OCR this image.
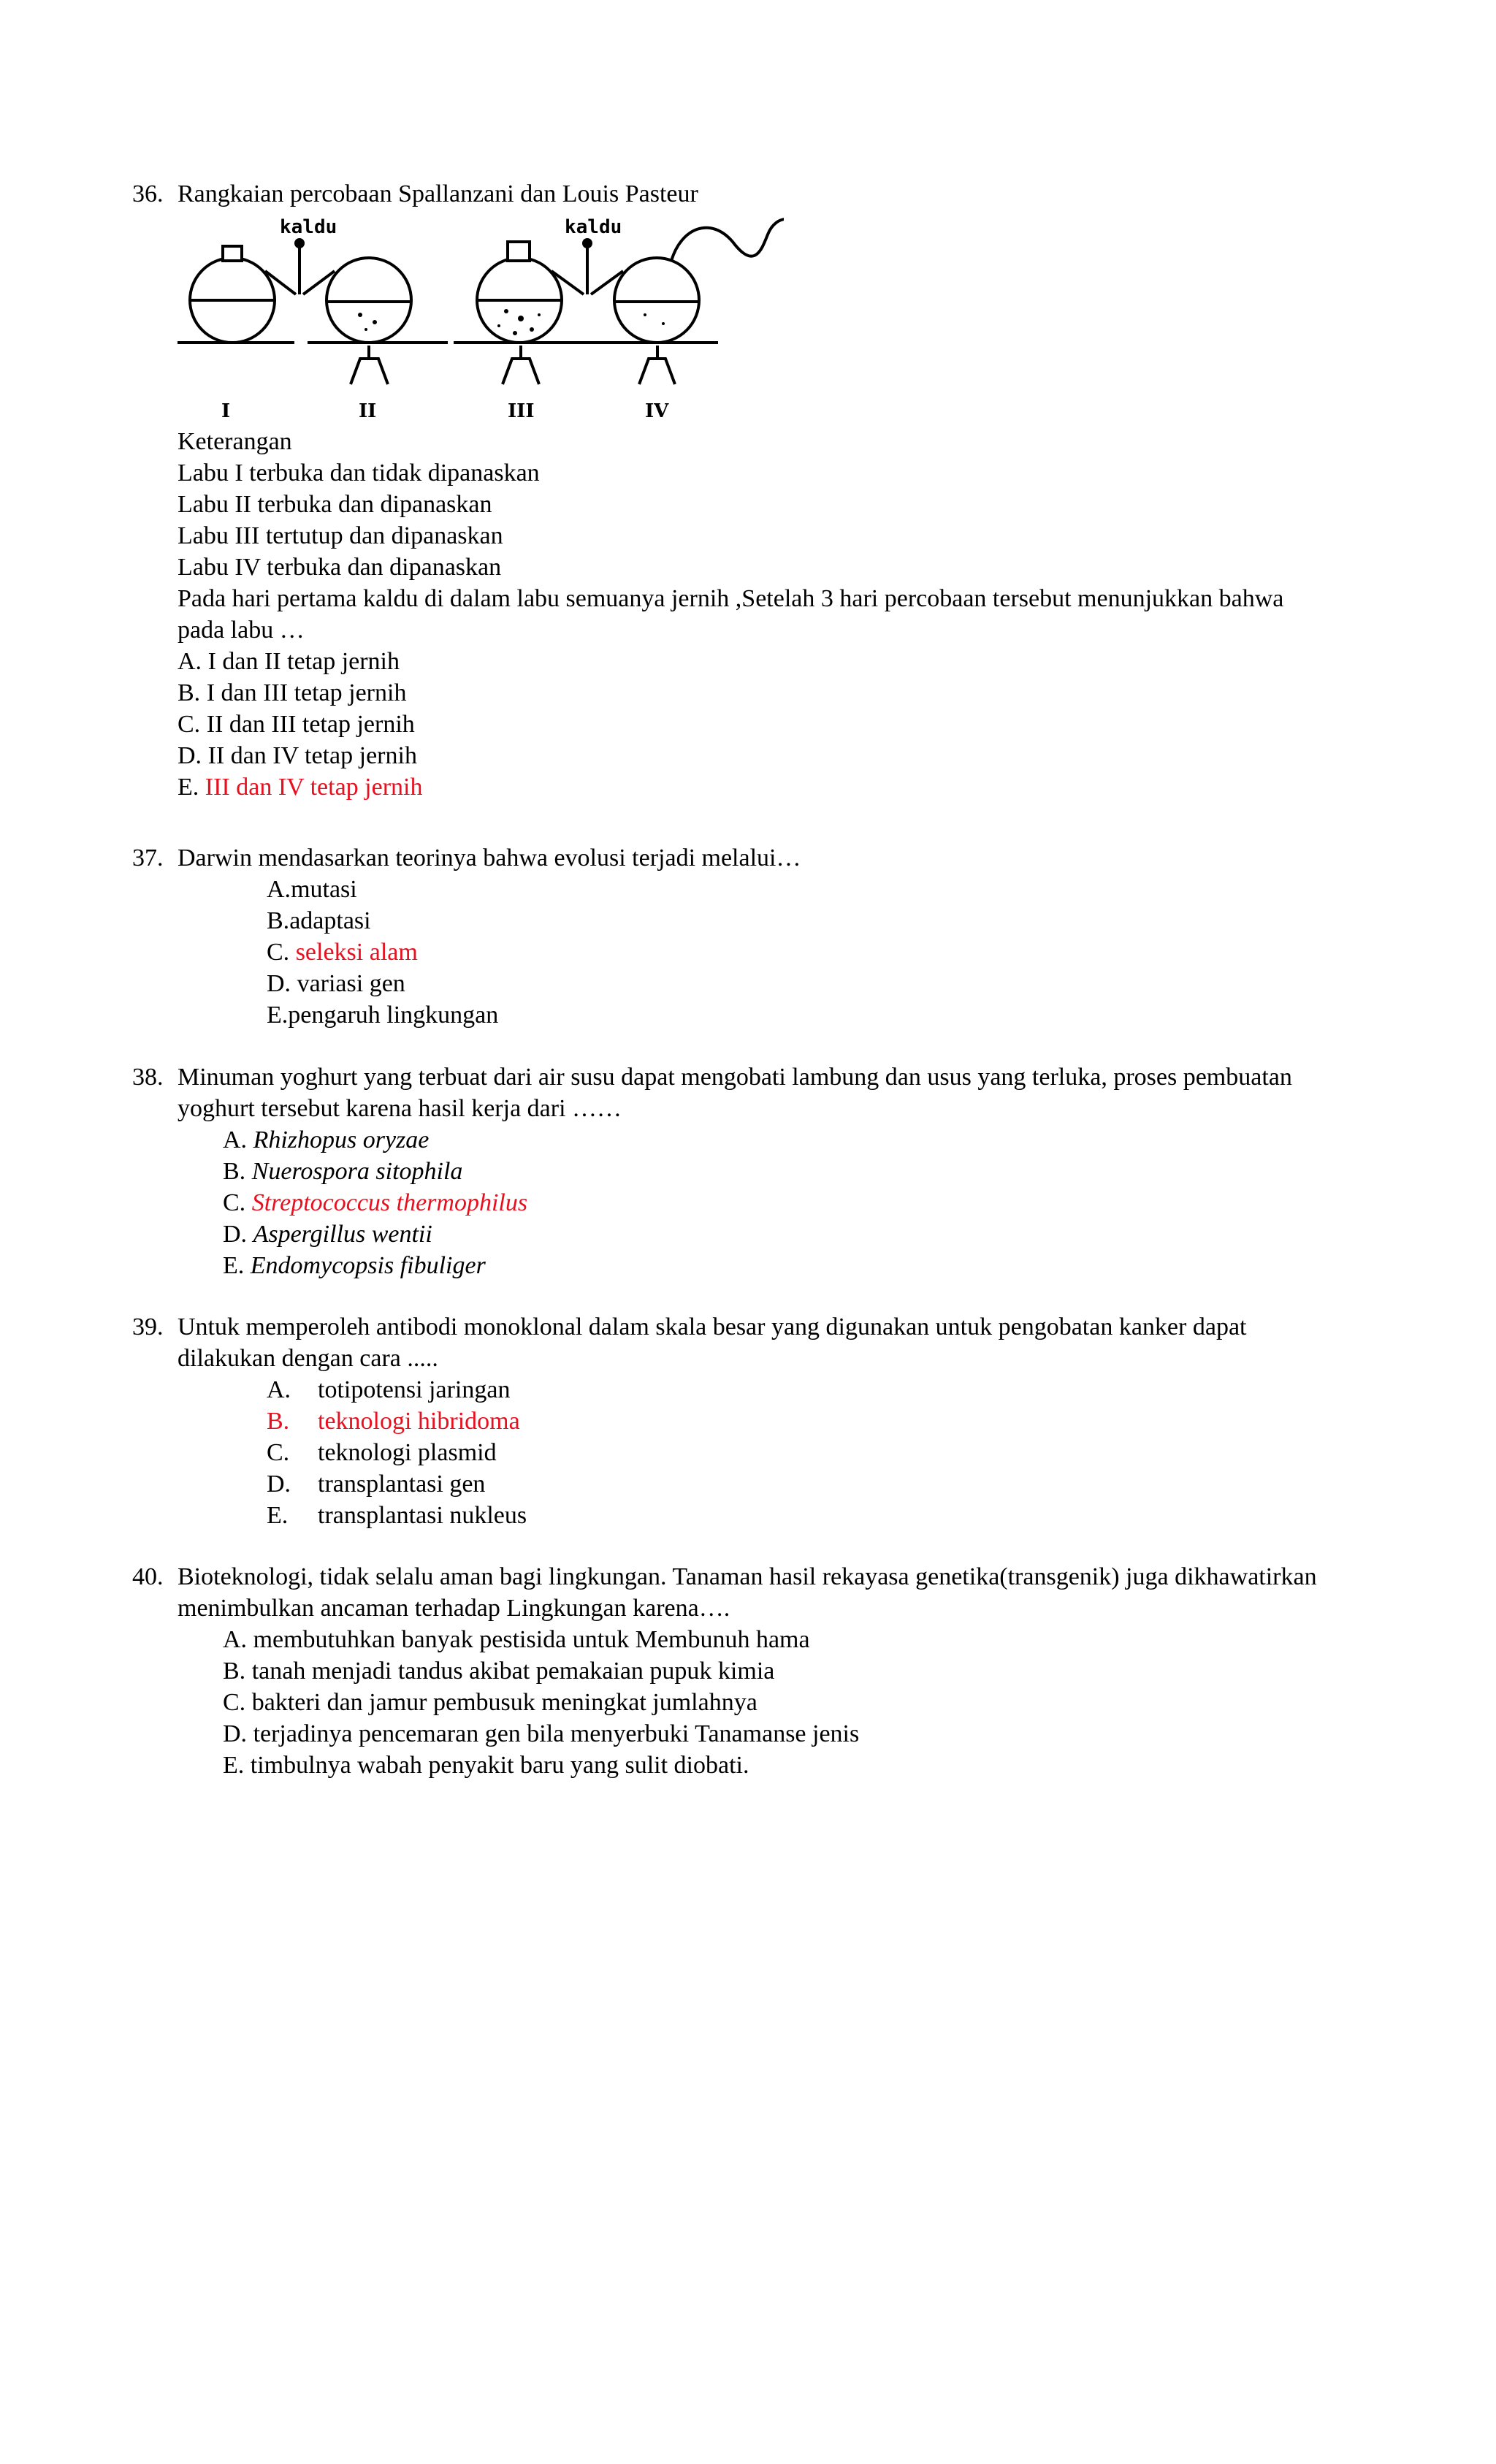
36. Rangkaian percobaan Spallanzani dan Louis Pasteur
kaldu	kaldu
I	II	III	IV
Keterangan
Labu I terbuka dan tidak dipanaskan
Labu II terbuka dan dipanaskan
Labu III tertutup dan dipanaskan
Labu IV terbuka dan dipanaskan
Pada hari pertama kaldu di dalam labu semuanya jernih ,Setelah 3 hari percobaan tersebut menunjukkan bahwa pada labu …
A. I dan II tetap jernih
B. I dan III tetap jernih
C. II dan III tetap jernih
D. II dan IV tetap jernih
E. III dan IV tetap jernih
37. Darwin mendasarkan teorinya bahwa evolusi terjadi melalui…
A.mutasi
B.adaptasi
C. seleksi alam
D. variasi gen
E.pengaruh lingkungan
38. Minuman yoghurt yang terbuat dari air susu dapat mengobati lambung dan usus yang terluka, proses pembuatan yoghurt tersebut karena hasil kerja dari ……
A. Rhizhopus oryzae
B. Nuerospora sitophila
C. Streptococcus thermophilus
D. Aspergillus wentii
E. Endomycopsis fibuliger
39. Untuk memperoleh antibodi monoklonal dalam skala besar yang digunakan untuk pengobatan kanker dapat dilakukan dengan cara .....
A. totipotensi jaringan
B. teknologi hibridoma
C. teknologi plasmid
D. transplantasi gen
E. transplantasi nukleus
40. Bioteknologi, tidak selalu aman bagi lingkungan. Tanaman hasil rekayasa genetika(transgenik) juga dikhawatirkan menimbulkan ancaman terhadap Lingkungan karena….
A. membutuhkan banyak pestisida untuk Membunuh hama
B. tanah menjadi tandus akibat pemakaian pupuk kimia
C. bakteri dan jamur pembusuk meningkat jumlahnya
D. terjadinya pencemaran gen bila menyerbuki Tanamanse jenis
E. timbulnya wabah penyakit baru yang sulit diobati.
